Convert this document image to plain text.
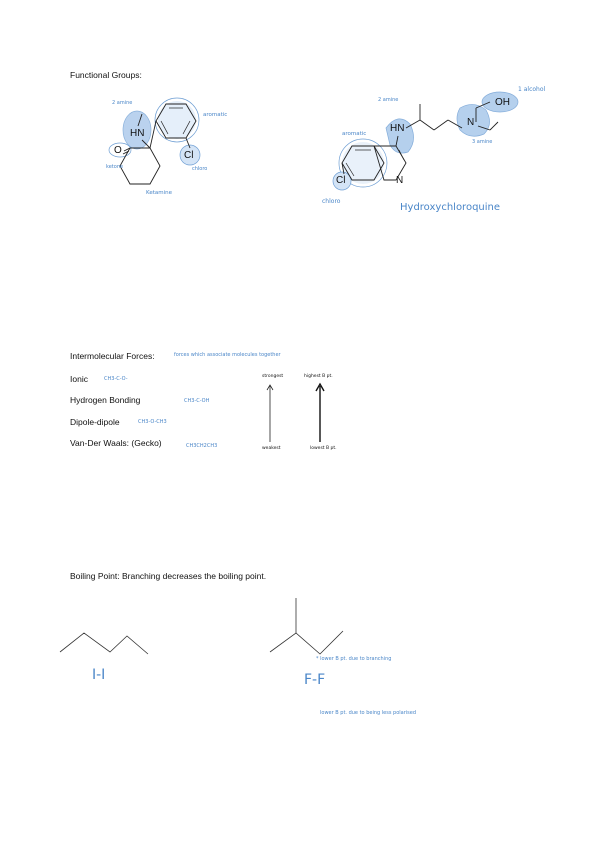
Functional Groups:
HN
O	Cl
2 amine
aromatic
ketone	chloro
Ketamine
HN
N
OH
Cl	N
2 amine
1 alcohol
aromatic
3 amine
chloro
Hydroxychloroquine
Intermolecular Forces:	forces which associate molecules together
Ionic	CH3-C-O-
Hydrogen Bonding	CH3-C-OH
Dipole-dipole	CH3-O-CH3
Van-Der Waals: (Gecko)	CH3CH2CH3
strongest
weakest
highest B pt.
lowest B pt.
Boiling Point: Branching decreases the boiling point.
I-I	F-F
* lower B pt. due to branching
lower B pt. due to being less polarised
